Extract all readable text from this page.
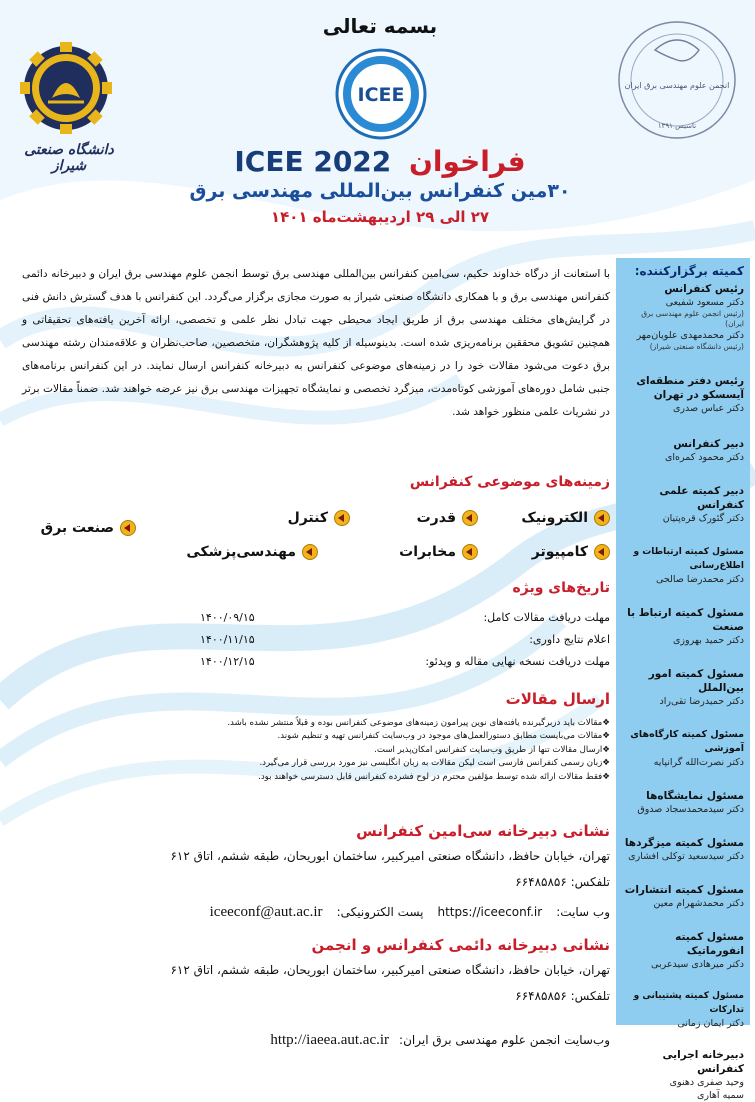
بسمه تعالی
ICEE	انجمن علوم مهندسی برق ایران
تاسیس ۱۳۹۱
دانشگاه صنعتی شیراز	فراخوان ICEE 2022
۳۰مین کنفرانس بین‌المللی مهندسی برق
۲۷ الی ۲۹ اردیبهشت‌ماه ۱۴۰۱
کمیته برگزارکننده:
رئیس کنفرانس
دکتر مسعود شفیعی
(رئیس انجمن علوم مهندسی برق ایران)
دکتر محمدمهدی علویان‌مهر
(رئیس دانشگاه صنعتی شیراز)
رئیس دفتر منطقه‌ای آیسسکو در تهران
دکتر عباس صدری
دبیر کنفرانس
دکتر محمود کمره‌ای
دبیر کمیته علمی کنفرانس
دکتر گئورک قره‌پتیان
مسئول کمیته ارتباطات و اطلاع‌رسانی
دکتر محمدرضا صالحی
مسئول کمیته ارتباط با صنعت
دکتر حمید بهروزی
مسئول کمیته امور بین‌الملل
دکتر حمیدرضا تقی‌راد
مسئول کمیته کارگاه‌های آموزشی
دکتر نصرت‌الله گرانپایه
مسئول نمایشگاه‌ها
دکتر سیدمحمدسجاد صدوق
مسئول کمیته میزگردها
دکتر سیدسعید توکلی افشاری
مسئول کمیته انتشارات
دکتر محمدشهرام معین
مسئول کمیته انفورماتیک
دکتر میرهادی سیدعربی
مسئول کمیته پشتیبانی و تدارکات
دکتر ایمان زمانی
دبیرخانه اجرایی کنفرانس
وحید صفری دهنوی
سمیه آهاری
با استعانت از درگاه خداوند حکیم، سی‌امین کنفرانس بین‌المللی مهندسی برق توسط انجمن علوم مهندسی برق ایران و دبیرخانه دائمی کنفرانس مهندسی برق و با همکاری دانشگاه صنعتی شیراز به صورت مجازی برگزار می‌گردد. این کنفرانس با هدف گسترش دانش فنی در گرایش‌های مختلف مهندسی برق از طریق ایجاد محیطی جهت تبادل نظر علمی و تخصصی، ارائه آخرین یافته‌های تحقیقاتی و همچنین تشویق محققین برنامه‌ریزی شده است. بدینوسیله از کلیه پژوهشگران، متخصصین، صاحب‌نظران و علاقه‌مندان رشته مهندسی برق دعوت می‌شود مقالات خود را در زمینه‌های موضوعی کنفرانس به دبیرخانه کنفرانس ارسال نمایند. در این کنفرانس برنامه‌های جنبی شامل دوره‌های آموزشی کوتاه‌مدت، میزگرد تخصصی و نمایشگاه تجهیزات مهندسی برق نیز عرضه خواهند شد. ضمناً مقالات برتر در نشریات علمی منظور خواهد شد.
زمینه‌های موضوعی کنفرانس
الکترونیک
قدرت
کنترل
صنعت برق
کامپیوتر
مخابرات
مهندسی‌پزشکی
تاریخ‌های ویژه
مهلت دریافت مقالات کامل:
۱۴۰۰/۰۹/۱۵
اعلام نتایج داوری:
۱۴۰۰/۱۱/۱۵
مهلت دریافت نسخه نهایی مقاله و ویدئو:
۱۴۰۰/۱۲/۱۵
ارسال مقالات
❖مقالات باید دربرگیرنده یافته‌های نوین پیرامون زمینه‌های موضوعی کنفرانس بوده و قبلاً منتشر نشده باشد.
❖مقالات می‌بایست مطابق دستورالعمل‌های موجود در وب‌سایت کنفرانس تهیه و تنظیم شوند.
❖ارسال مقالات تنها از طریق وب‌سایت کنفرانس امکان‌پذیر است.
❖زبان رسمی کنفرانس فارسی است لیکن مقالات به زبان انگلیسی نیز مورد بررسی قرار می‌گیرد.
❖فقط مقالات ارائه شده توسط مؤلفین محترم در لوح فشرده کنفرانس قابل دسترسی خواهند بود.
نشانی دبیرخانه سی‌امین کنفرانس
تهران، خیابان حافظ، دانشگاه صنعتی امیرکبیر، ساختمان ابوریحان، طبقه ششم، اتاق ۶۱۲
تلفکس: ۶۶۴۸۵۸۵۶
وب سایت:
https://iceeconf.ir
پست الکترونیکی:
iceeconf@aut.ac.ir
نشانی دبیرخانه دائمی کنفرانس و انجمن
تهران، خیابان حافظ، دانشگاه صنعتی امیرکبیر، ساختمان ابوریحان، طبقه ششم، اتاق ۶۱۲
تلفکس: ۶۶۴۸۵۸۵۶
وب‌سایت انجمن علوم مهندسی برق ایران:
http://iaeea.aut.ac.ir
